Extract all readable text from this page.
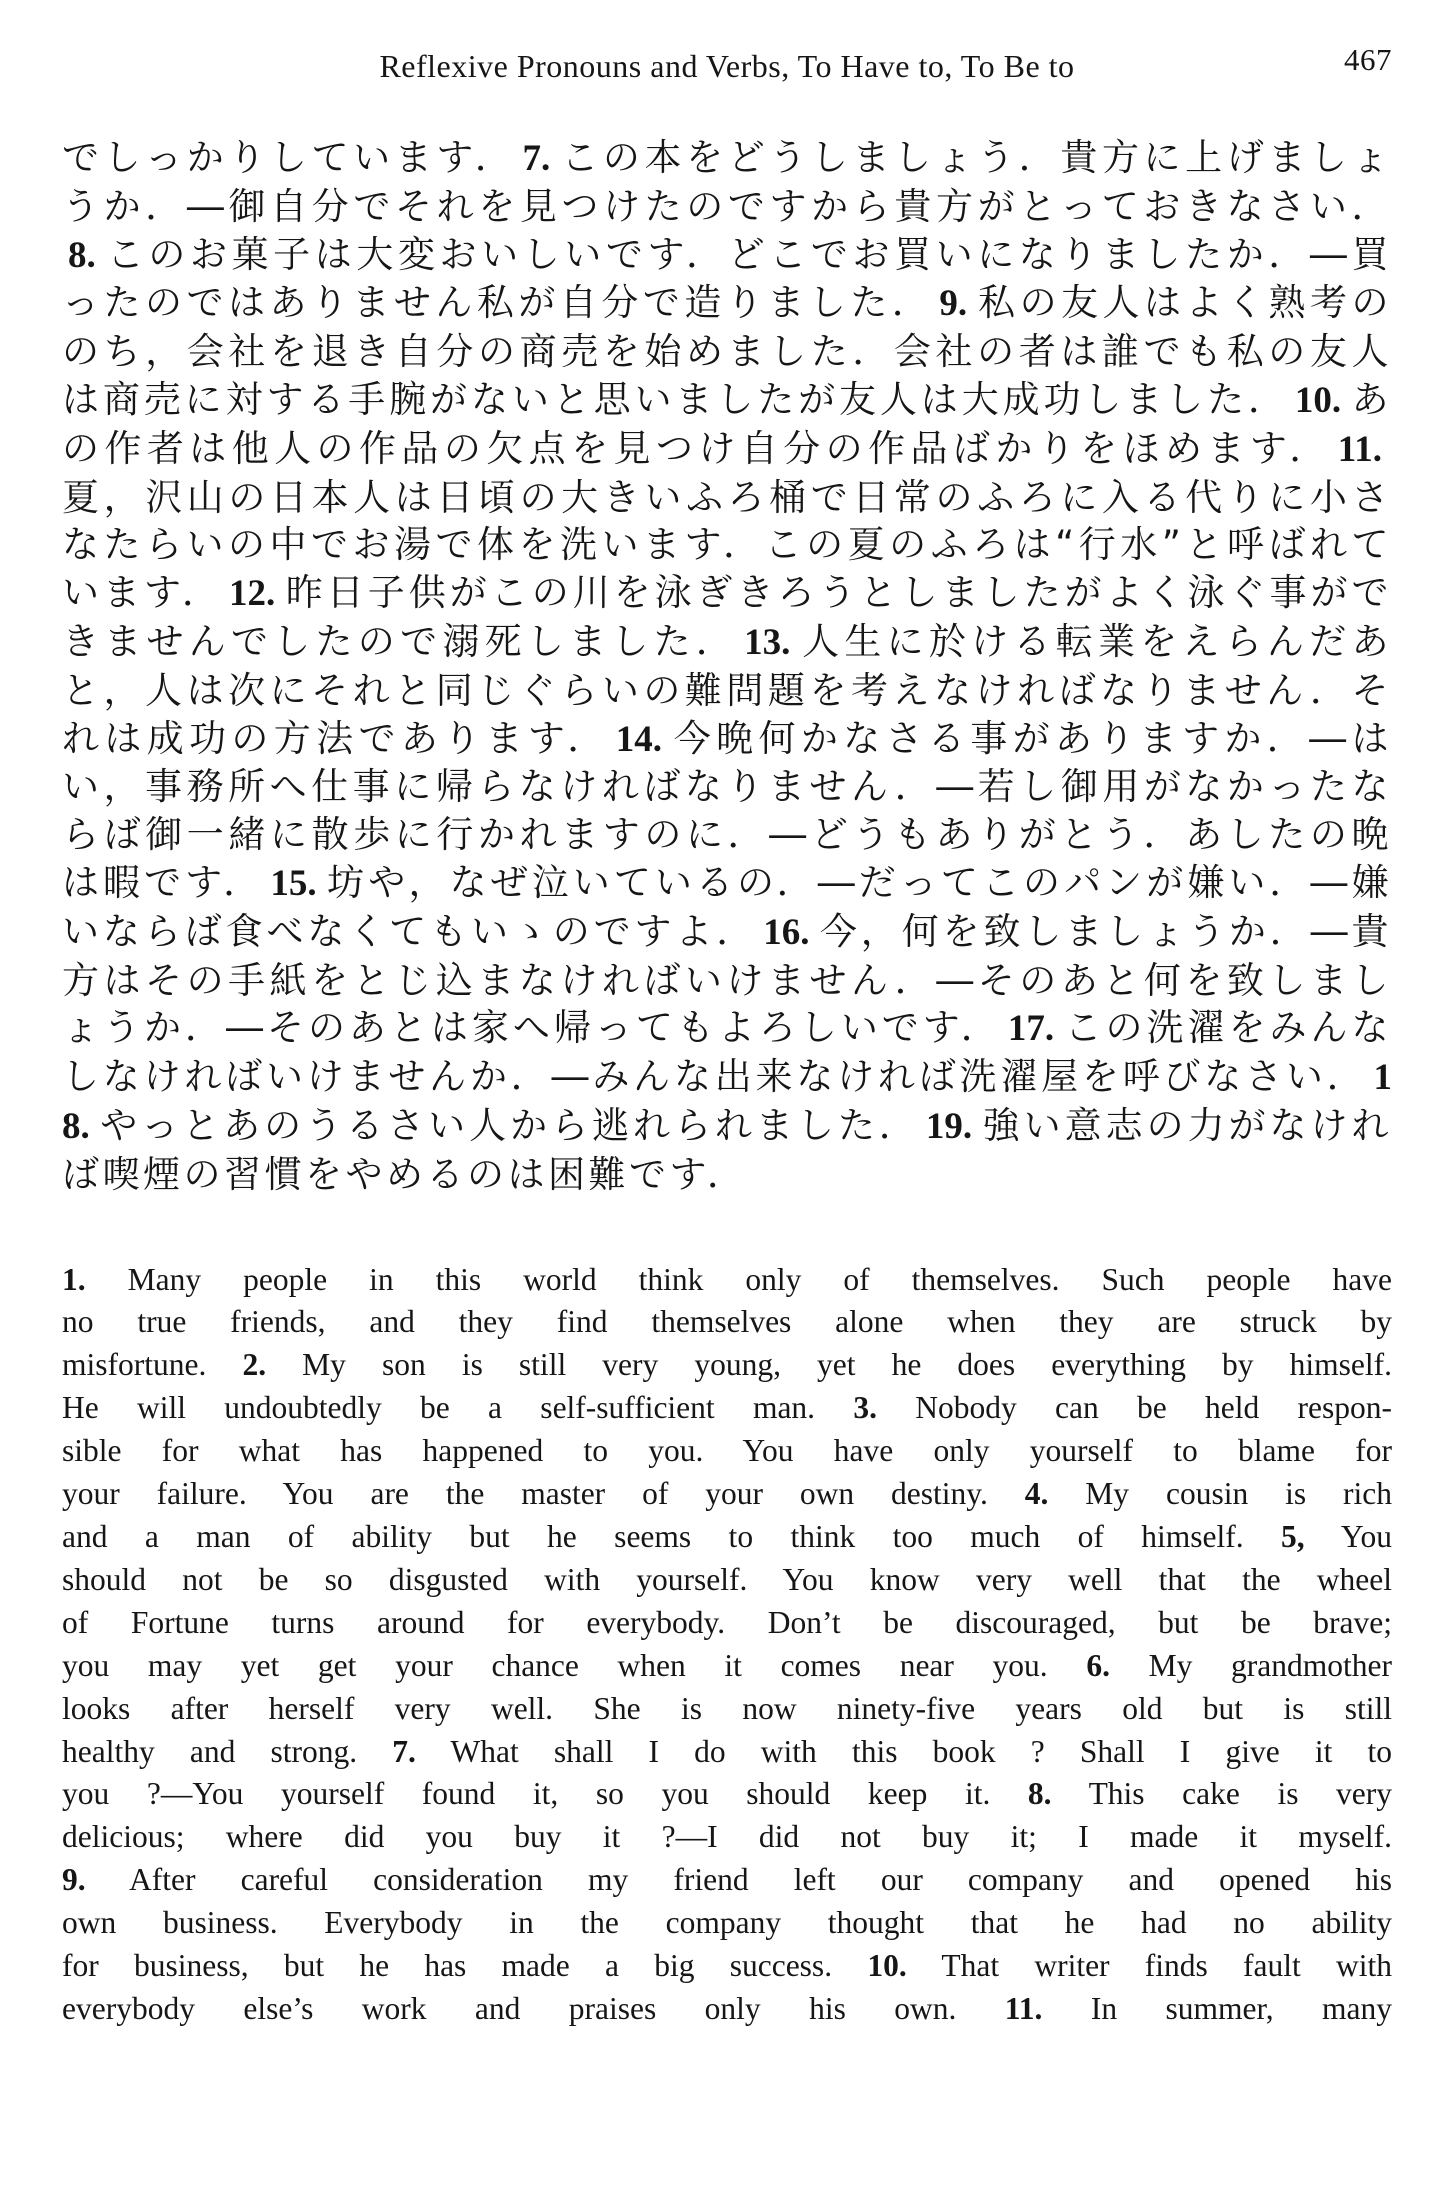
Reflexive Pronouns and Verbs, To Have to, To Be to	467
でしっかりしています． 7. この本をどうしましょう．貴方に上げましょうか．―御自分でそれを見つけたのですから貴方がとっておきなさい．8. このお菓子は大変おいしいです．どこでお買いになりましたか．―買ったのではありません私が自分で造りました． 9. 私の友人はよく熟考ののち，会社を退き自分の商売を始めました．会社の者は誰でも私の友人は商売に対する手腕がないと思いましたが友人は大成功しました． 10. あの作者は他人の作品の欠点を見つけ自分の作品ばかりをほめます． 11.夏，沢山の日本人は日頃の大きいふろ桶で日常のふろに入る代りに小さなたらいの中でお湯で体を洗います．この夏のふろは“行水”と呼ばれています． 12. 昨日子供がこの川を泳ぎきろうとしましたがよく泳ぐ事ができませんでしたので溺死しました． 13. 人生に於ける転業をえらんだあと，人は次にそれと同じぐらいの難問題を考えなければなりません．それは成功の方法であります． 14. 今晩何かなさる事がありますか．―はい，事務所へ仕事に帰らなければなりません．―若し御用がなかったならば御一緒に散歩に行かれますのに．―どうもありがとう．あしたの晩は暇です． 15. 坊や，なぜ泣いているの．―だってこのパンが嫌い．―嫌いならば食べなくてもいゝのですよ． 16. 今，何を致しましょうか．―貴方はその手紙をとじ込まなければいけません．―そのあと何を致しましょうか．―そのあとは家へ帰ってもよろしいです． 17. この洗濯をみんなしなければいけませんか．―みんな出来なければ洗濯屋を呼びなさい． 18. やっとあのうるさい人から逃れられました． 19. 強い意志の力がなければ喫煙の習慣をやめるのは困難です．
1. Many people in this world think only of themselves. Such people have
no true friends, and they find themselves alone when they are struck by
misfortune. 2. My son is still very young, yet he does everything by himself.
He will undoubtedly be a self-sufficient man. 3. Nobody can be held respon-
sible for what has happened to you. You have only yourself to blame for
your failure. You are the master of your own destiny. 4. My cousin is rich
and a man of ability but he seems to think too much of himself. 5, You
should not be so disgusted with yourself. You know very well that the wheel
of Fortune turns around for everybody. Don’t be discouraged, but be brave;
you may yet get your chance when it comes near you. 6. My grandmother
looks after herself very well. She is now ninety-five years old but is still
healthy and strong. 7. What shall I do with this book ? Shall I give it to
you ?—You yourself found it, so you should keep it. 8. This cake is very
delicious; where did you buy it ?—I did not buy it; I made it myself.
9. After careful consideration my friend left our company and opened his
own business. Everybody in the company thought that he had no ability
for business, but he has made a big success. 10. That writer finds fault with
everybody else’s work and praises only his own. 11. In summer, many
